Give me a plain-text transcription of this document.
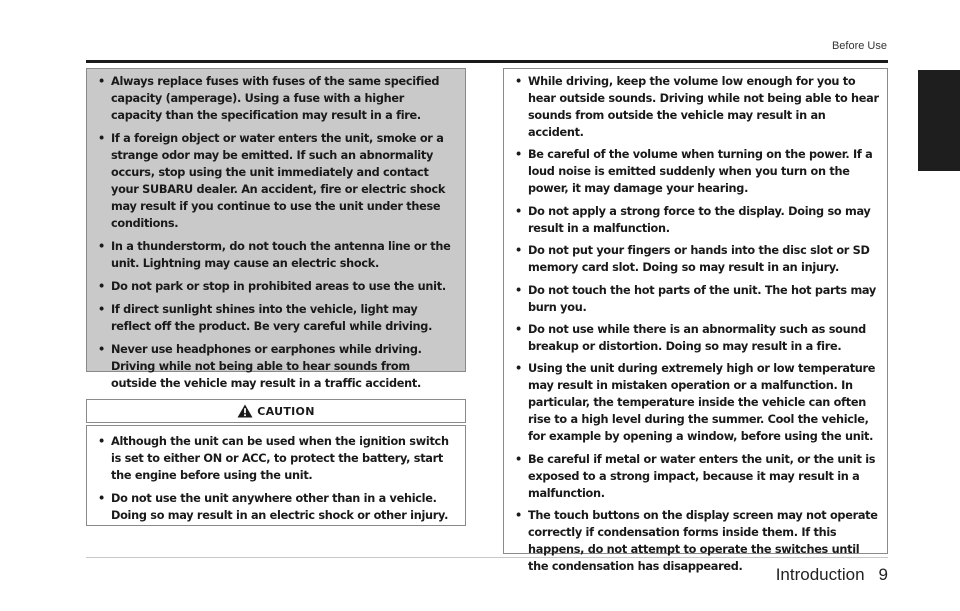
Before Use
• Always replace fuses with fuses of the same specified capacity (amperage). Using a fuse with a higher capacity than the specification may result in a fire.
• If a foreign object or water enters the unit, smoke or a strange odor may be emitted. If such an abnormality occurs, stop using the unit immediately and contact your SUBARU dealer. An accident, fire or electric shock may result if you continue to use the unit under these conditions.
• In a thunderstorm, do not touch the antenna line or the unit. Lightning may cause an electric shock.
• Do not park or stop in prohibited areas to use the unit.
• If direct sunlight shines into the vehicle, light may reflect off the product. Be very careful while driving.
• Never use headphones or earphones while driving. Driving while not being able to hear sounds from outside the vehicle may result in a traffic accident.
CAUTION
• Although the unit can be used when the ignition switch is set to either ON or ACC, to protect the battery, start the engine before using the unit.
• Do not use the unit anywhere other than in a vehicle. Doing so may result in an electric shock or other injury.
• While driving, keep the volume low enough for you to hear outside sounds. Driving while not being able to hear sounds from outside the vehicle may result in an accident.
• Be careful of the volume when turning on the power. If a loud noise is emitted suddenly when you turn on the power, it may damage your hearing.
• Do not apply a strong force to the display. Doing so may result in a malfunction.
• Do not put your fingers or hands into the disc slot or SD memory card slot. Doing so may result in an injury.
• Do not touch the hot parts of the unit. The hot parts may burn you.
• Do not use while there is an abnormality such as sound breakup or distortion. Doing so may result in a fire.
• Using the unit during extremely high or low temperature may result in mistaken operation or a malfunction. In particular, the temperature inside the vehicle can often rise to a high level during the summer. Cool the vehicle, for example by opening a window, before using the unit.
• Be careful if metal or water enters the unit, or the unit is exposed to a strong impact, because it may result in a malfunction.
• The touch buttons on the display screen may not operate correctly if condensation forms inside them. If this happens, do not attempt to operate the switches until the condensation has disappeared.	Introduction 9
